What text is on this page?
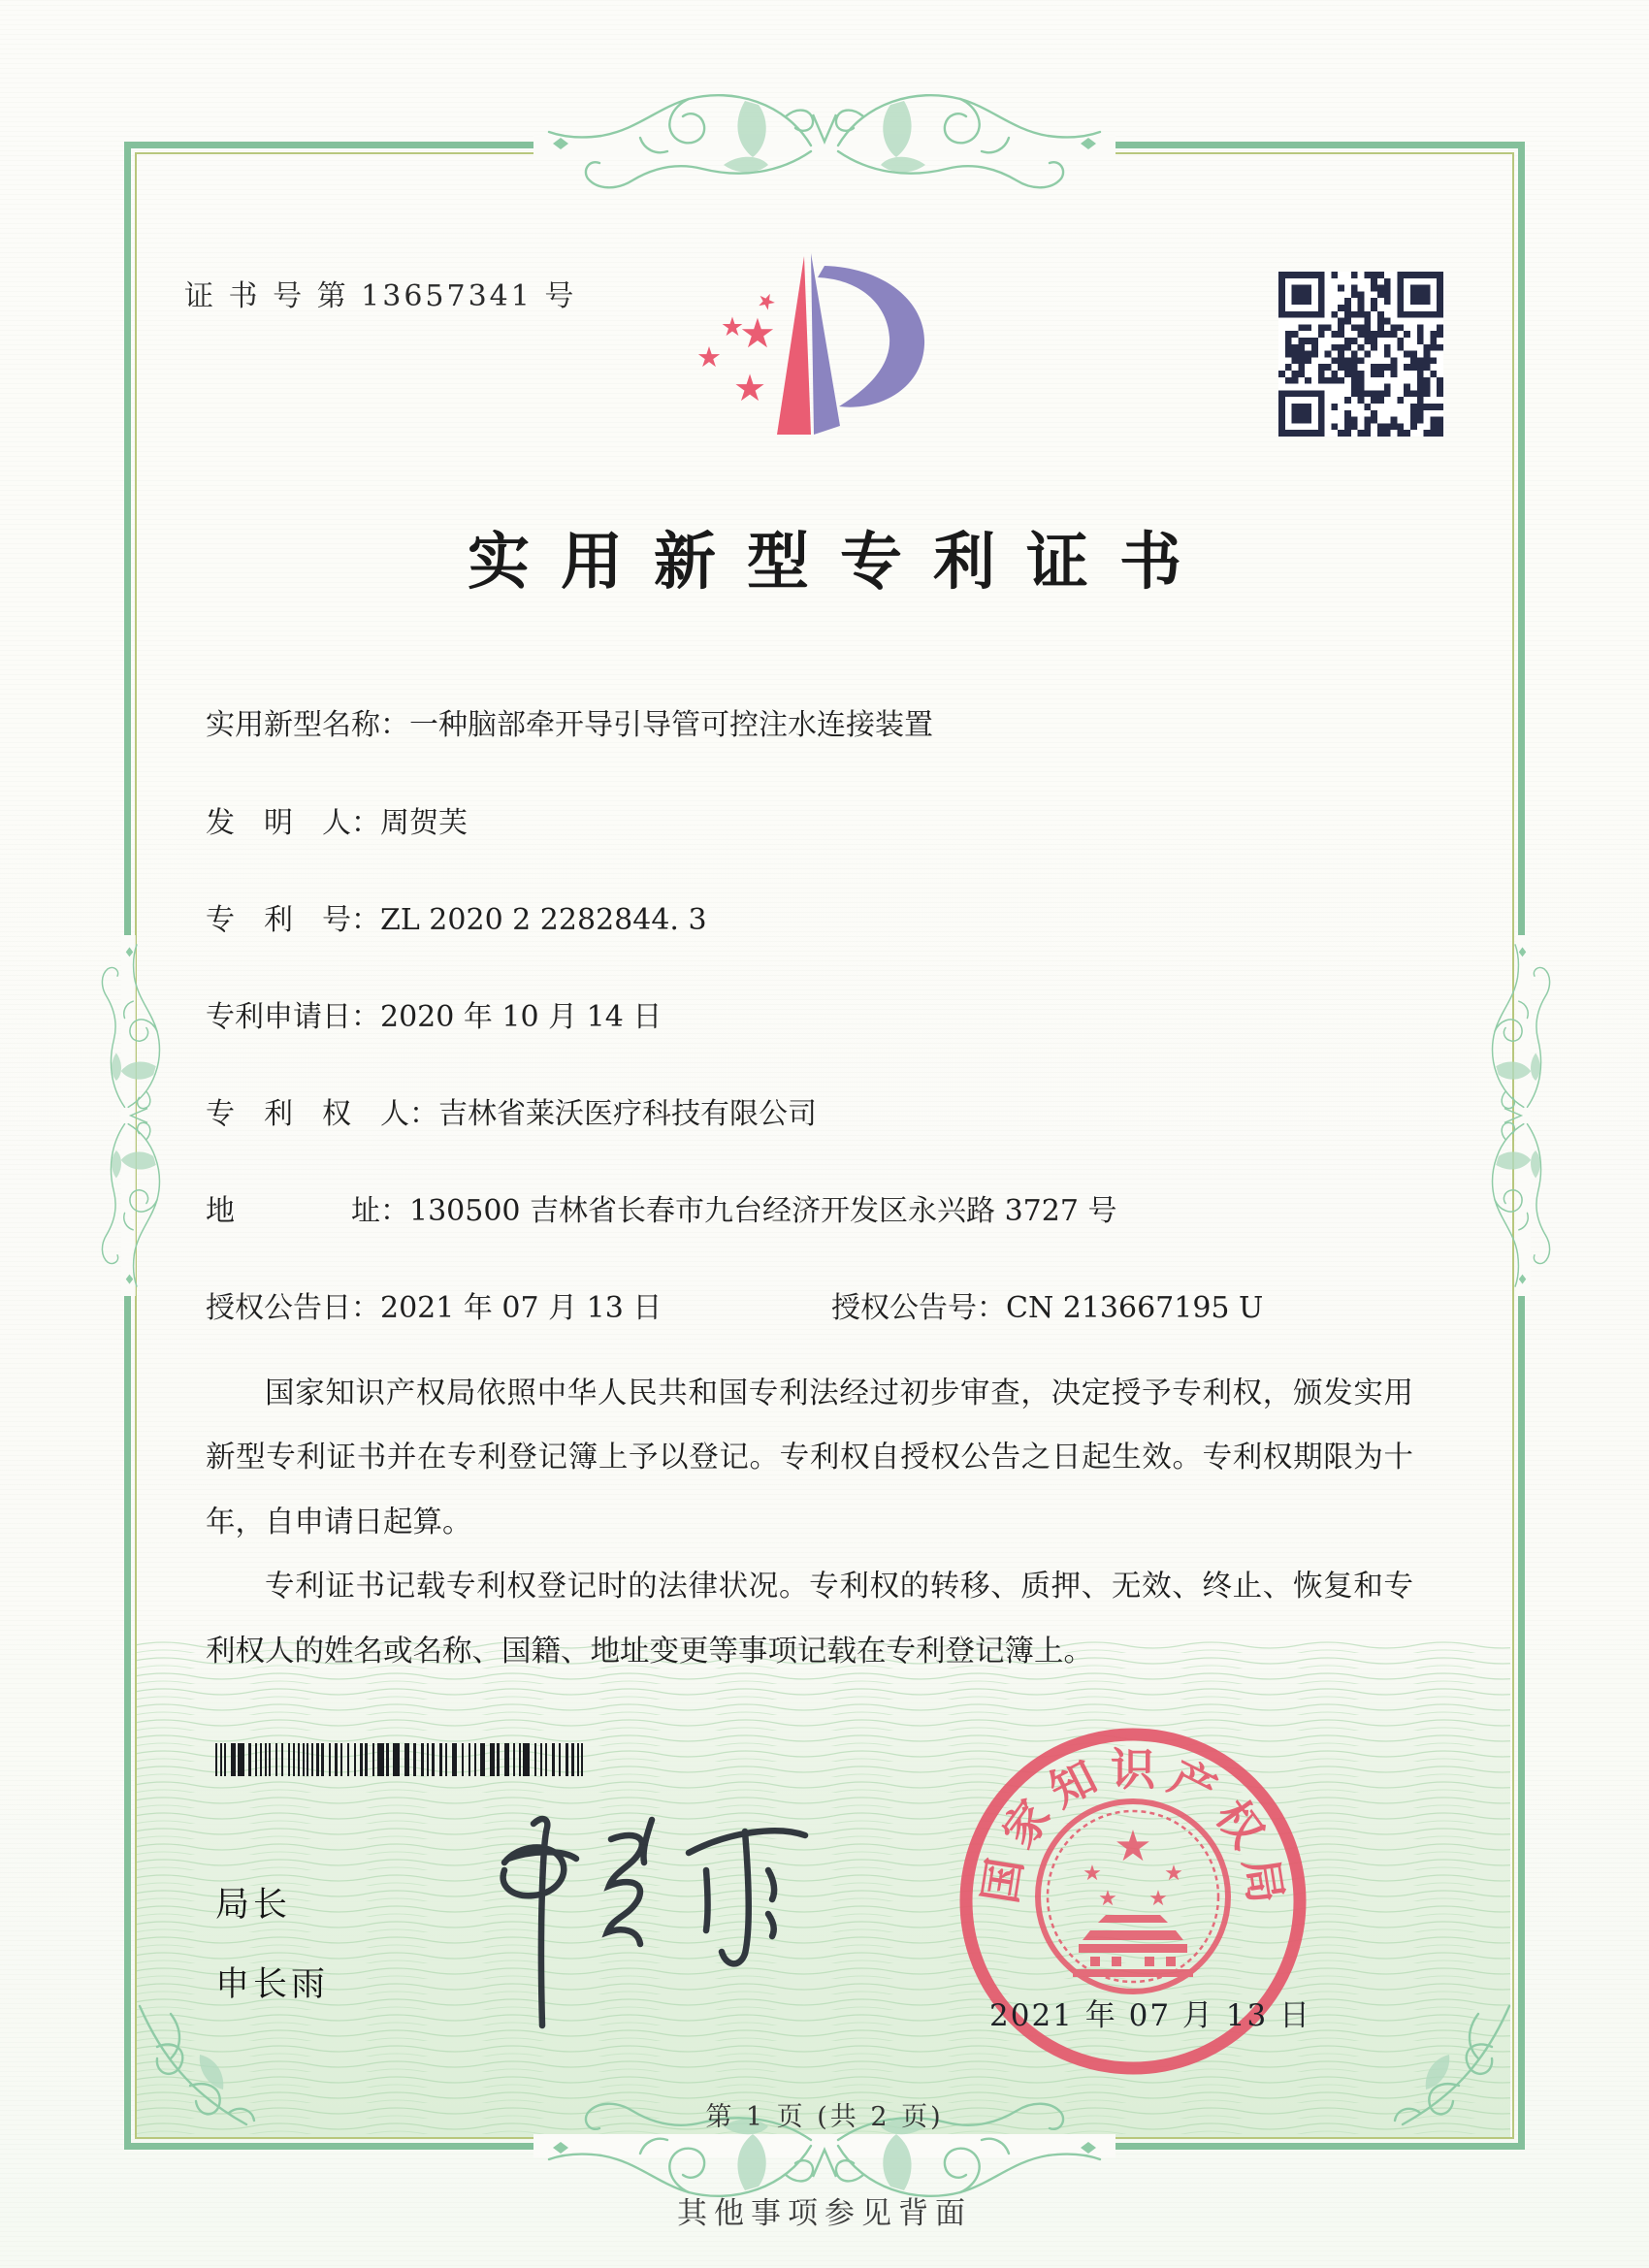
证 书 号 第 13657341 号	★
★
★
★
★
实用新型专利证书
实用新型名称：一种脑部牵开导引导管可控注水连接装置
发　明　人：周贺芙
专　利　号：ZL 2020 2 2282844. 3
专利申请日：2020 年 10 月 14 日
专　利　权　人：吉林省莱沃医疗科技有限公司
地　　　　址：130500 吉林省长春市九台经济开发区永兴路 3727 号
授权公告日：2021 年 07 月 13 日	授权公告号：CN 213667195 U

国家知识产权局依照中华人民共和国专利法经过初步审查，决定授予专利权，颁发实用新型专利证书并在专利登记簿上予以登记。专利权自授权公告之日起生效。专利权期限为十年，自申请日起算。

专利证书记载专利权登记时的法律状况。专利权的转移、质押、无效、终止、恢复和专利权人的姓名或名称、国籍、地址变更等事项记载在专利登记簿上。

局长
申长雨
国
家
知 识 产
权
局
★
★	★
★ ★
2021 年 07 月 13 日
第 1 页 (共 2 页)
其他事项参见背面
